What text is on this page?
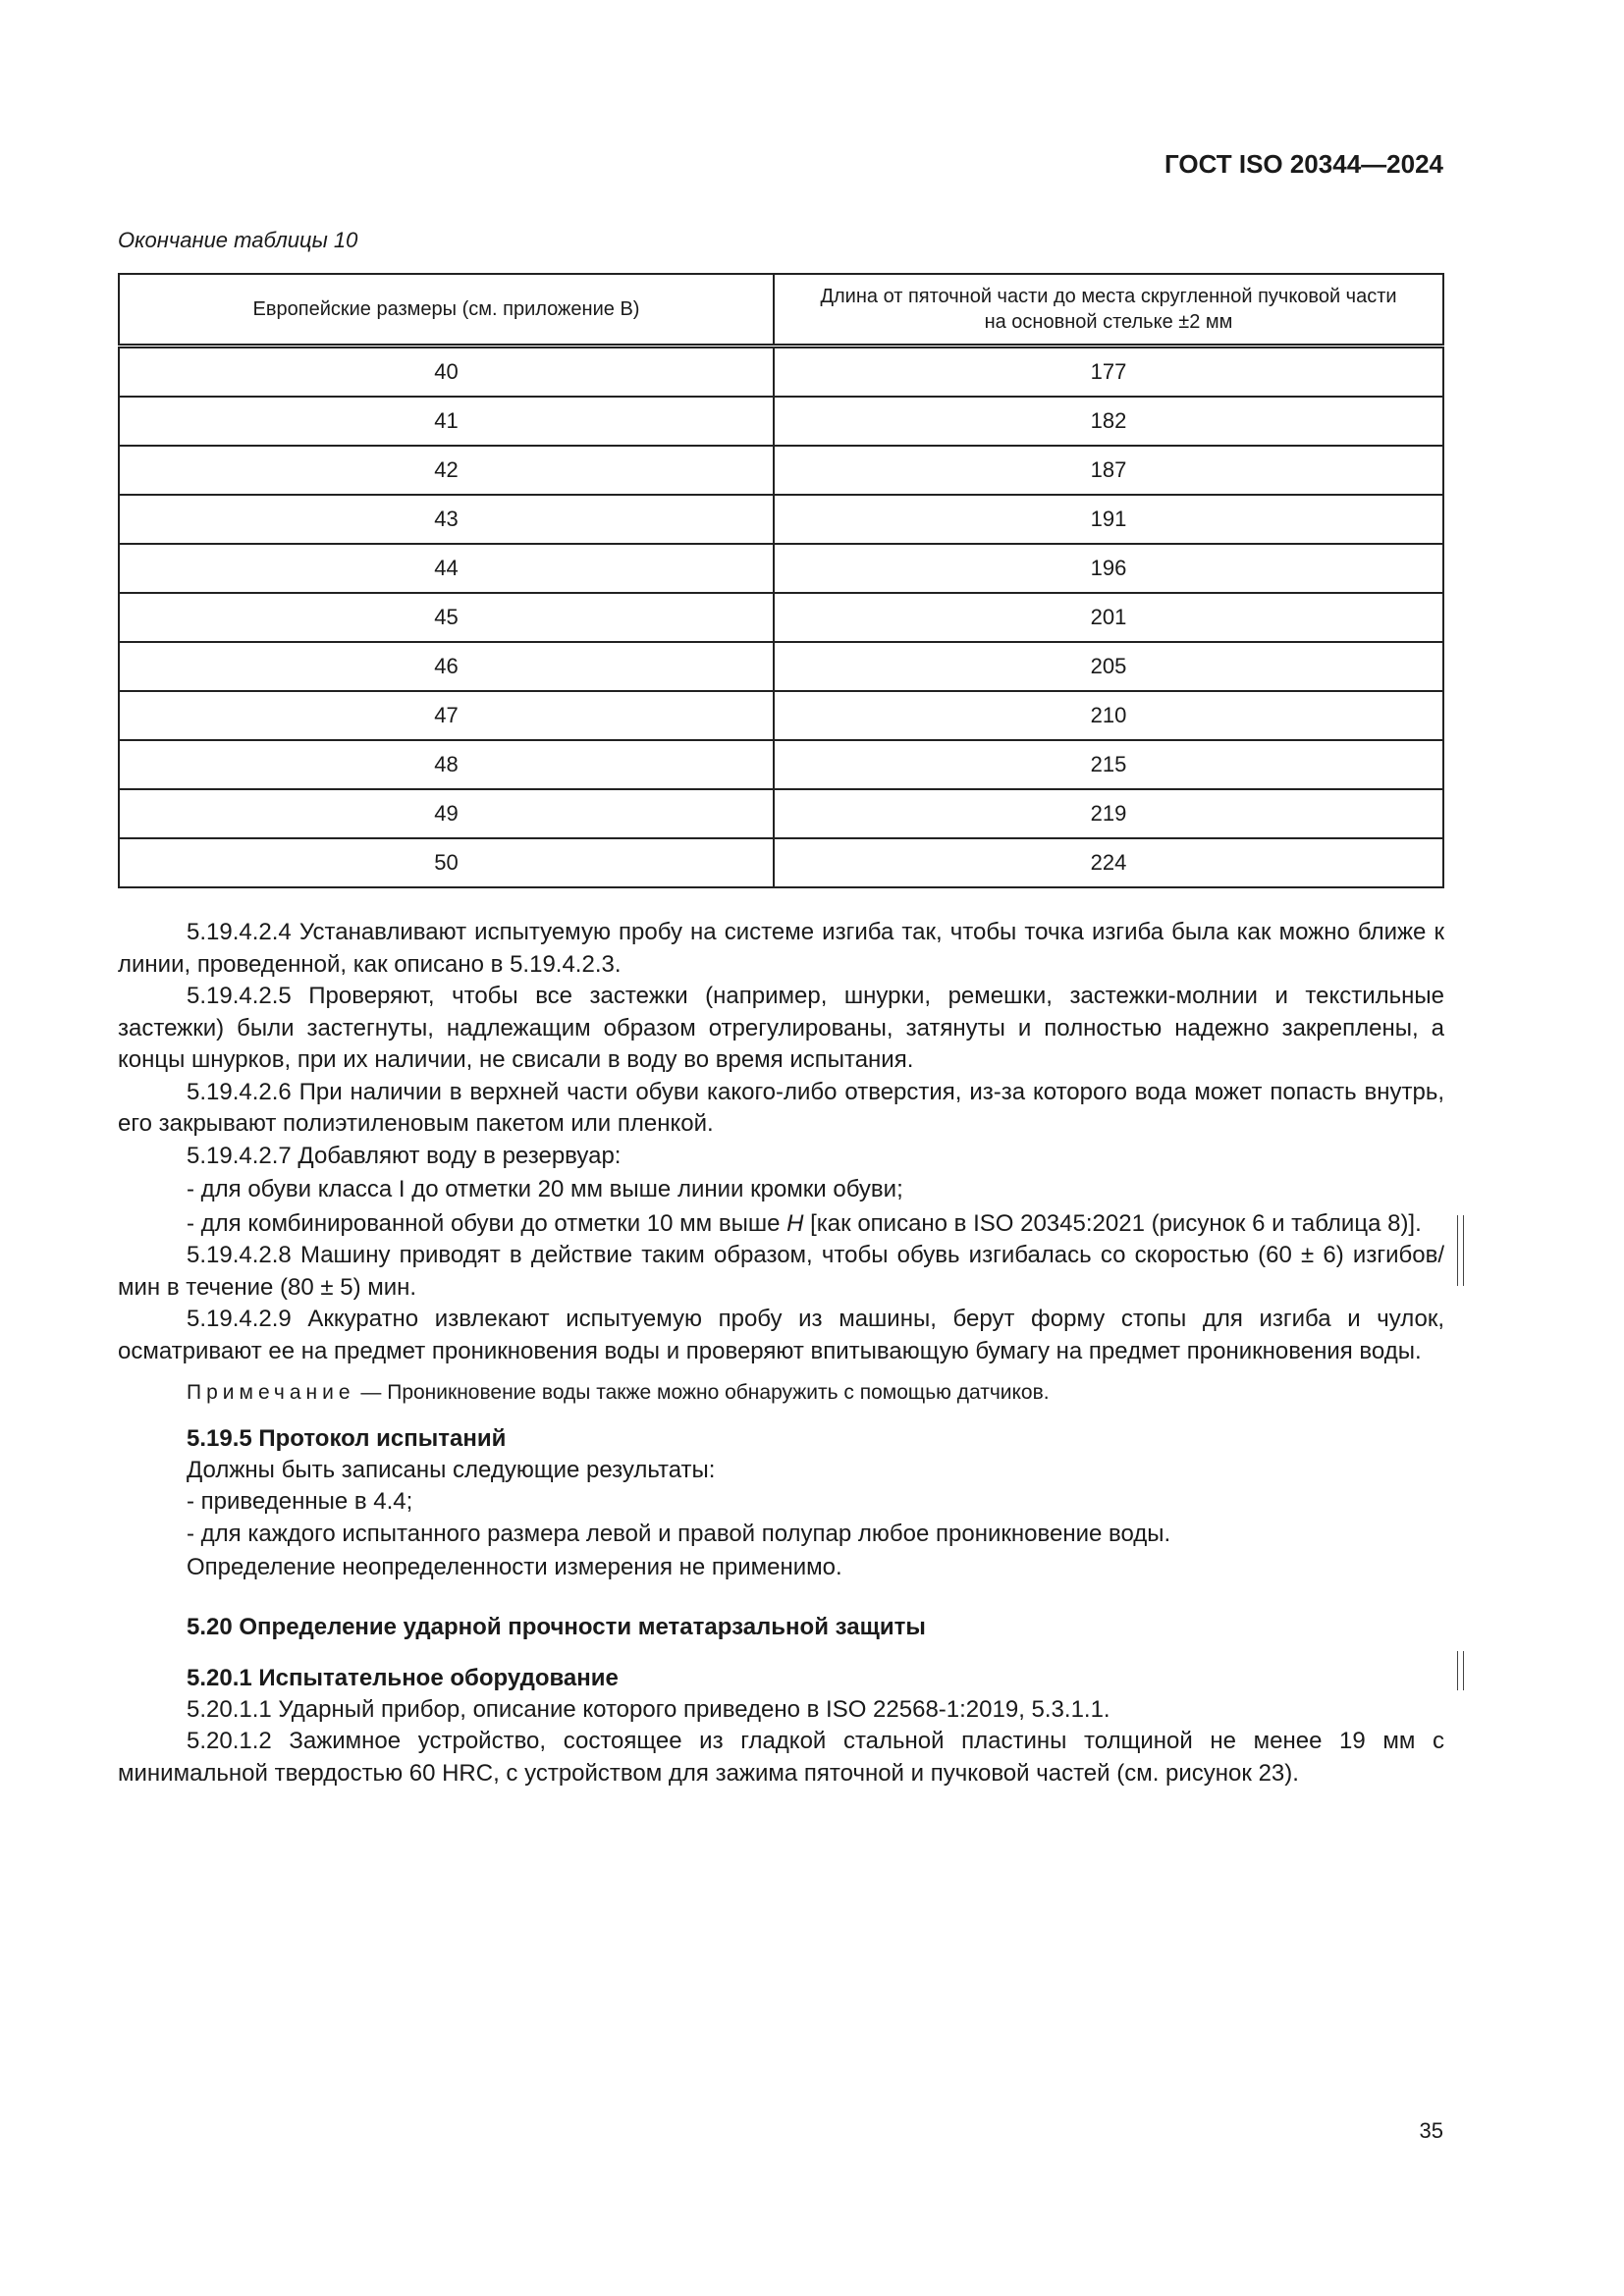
ГОСТ ISO 20344—2024
Окончание таблицы 10
Европейские размеры (см. приложение В)	Длина от пяточной части до места скругленной пучковой части на основной стельке ±2 мм
40	177
41	182
42	187
43	191
44	196
45	201
46	205
47	210
48	215
49	219
50	224

5.19.4.2.4 Устанавливают испытуемую пробу на системе изгиба так, чтобы точка изгиба была как можно ближе к линии, проведенной, как описано в 5.19.4.2.3.

5.19.4.2.5 Проверяют, чтобы все застежки (например, шнурки, ремешки, застежки-молнии и текстильные застежки) были застегнуты, надлежащим образом отрегулированы, затянуты и полностью надежно закреплены, а концы шнурков, при их наличии, не свисали в воду во время испытания.

5.19.4.2.6 При наличии в верхней части обуви какого-либо отверстия, из-за которого вода может попасть внутрь, его закрывают полиэтиленовым пакетом или пленкой.

5.19.4.2.7 Добавляют воду в резервуар:

- для обуви класса I до отметки 20 мм выше линии кромки обуви;

- для комбинированной обуви до отметки 10 мм выше H [как описано в ISO 20345:2021 (рисунок 6 и таблица 8)].

5.19.4.2.8 Машину приводят в действие таким образом, чтобы обувь изгибалась со скоростью (60 ± 6) изгибов/мин в течение (80 ± 5) мин.

5.19.4.2.9 Аккуратно извлекают испытуемую пробу из машины, берут форму стопы для изгиба и чулок, осматривают ее на предмет проникновения воды и проверяют впитывающую бумагу на предмет проникновения воды.

Примечание — Проникновение воды также можно обнаружить с помощью датчиков.

5.19.5 Протокол испытаний

Должны быть записаны следующие результаты:

- приведенные в 4.4;

- для каждого испытанного размера левой и правой полупар любое проникновение воды.

Определение неопределенности измерения не применимо.

5.20 Определение ударной прочности метатарзальной защиты
5.20.1 Испытательное оборудование

5.20.1.1 Ударный прибор, описание которого приведено в ISO 22568-1:2019, 5.3.1.1.

5.20.1.2 Зажимное устройство, состоящее из гладкой стальной пластины толщиной не менее 19 мм с минимальной твердостью 60 HRC, с устройством для зажима пяточной и пучковой частей (см. рисунок 23).

35
